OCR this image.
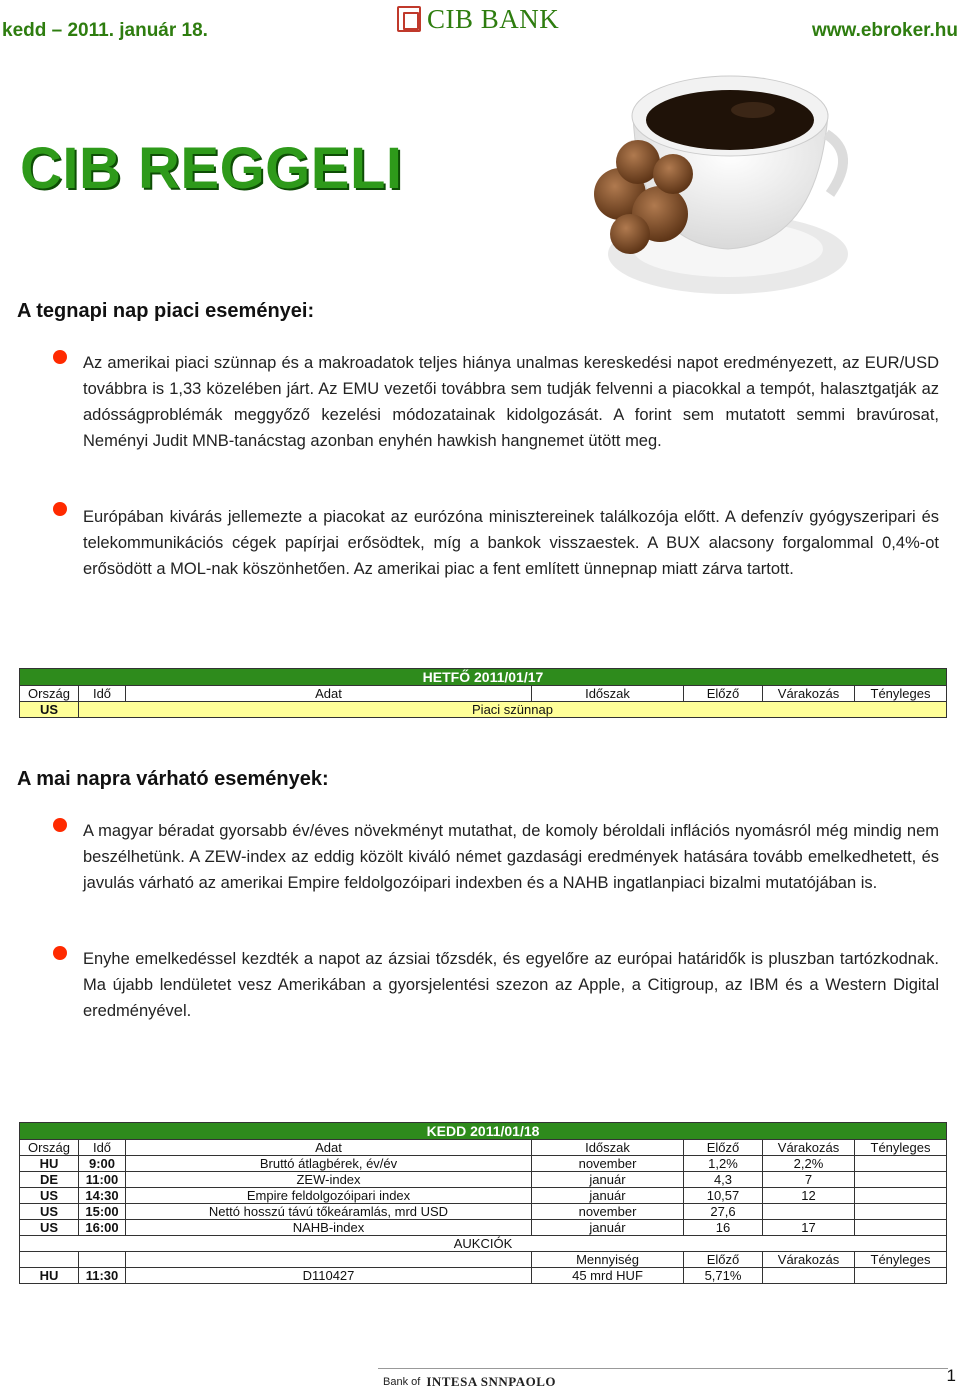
kedd – 2011. január 18.	CIB BANK	www.ebroker.hu
CIB REGGELI
A tegnapi nap piaci eseményei:
Az amerikai piaci szünnap és a makroadatok teljes hiánya unalmas kereskedési napot eredményezett, az EUR/USD továbbra is 1,33 közelében járt. Az EMU vezetői továbbra sem tudják felvenni a piacokkal a tempót, halasztgatják az adósságproblémák meggyőző kezelési módozatainak kidolgozását. A forint sem mutatott semmi bravúrosat, Neményi Judit MNB-tanácstag azonban enyhén hawkish hangnemet ütött meg.
Európában kivárás jellemezte a piacokat az eurózóna minisztereinek találkozója előtt. A defenzív gyógyszeripari és telekommunikációs cégek papírjai erősödtek, míg a bankok visszaestek. A BUX alacsony forgalommal 0,4%-ot erősödött a MOL-nak köszönhetően. Az amerikai piac a fent említett ünnepnap miatt zárva tartott.
HETFŐ 2011/01/17						
Ország	Idő	Adat	Időszak	Előző	Várakozás	Tényleges
US	Piaci szünnap					
A mai napra várható események:
A magyar béradat gyorsabb év/éves növekményt mutathat, de komoly béroldali inflációs nyomásról még mindig nem beszélhetünk. A ZEW-index az eddig közölt kiváló német gazdasági eredmények hatására tovább emelkedhetett, és javulás várható az amerikai Empire feldolgozóipari indexben és a NAHB ingatlanpiaci bizalmi mutatójában is.
Enyhe emelkedéssel kezdték a napot az ázsiai tőzsdék, és egyelőre az európai határidők is pluszban tartózkodnak. Ma újabb lendületet vesz Amerikában a gyorsjelentési szezon az Apple, a Citigroup, az IBM és a Western Digital eredményével.
KEDD 2011/01/18						
Ország	Idő	Adat	Időszak	Előző	Várakozás	Tényleges
HU	9:00	Bruttó átlagbérek, év/év	november	1,2%	2,2%	
DE	11:00	ZEW-index	január	4,3	7	
US	14:30	Empire feldolgozóipari index	január	10,57	12	
US	15:00	Nettó hosszú távú tőkeáramlás, mrd USD	november	27,6		
US	16:00	NAHB-index	január	16	17	
AUKCIÓK						
			Mennyiség	Előző	Várakozás	Tényleges
HU	11:30	D110427	45 mrd HUF	5,71%		
Bank of INTESA SNNPAOLO	1
